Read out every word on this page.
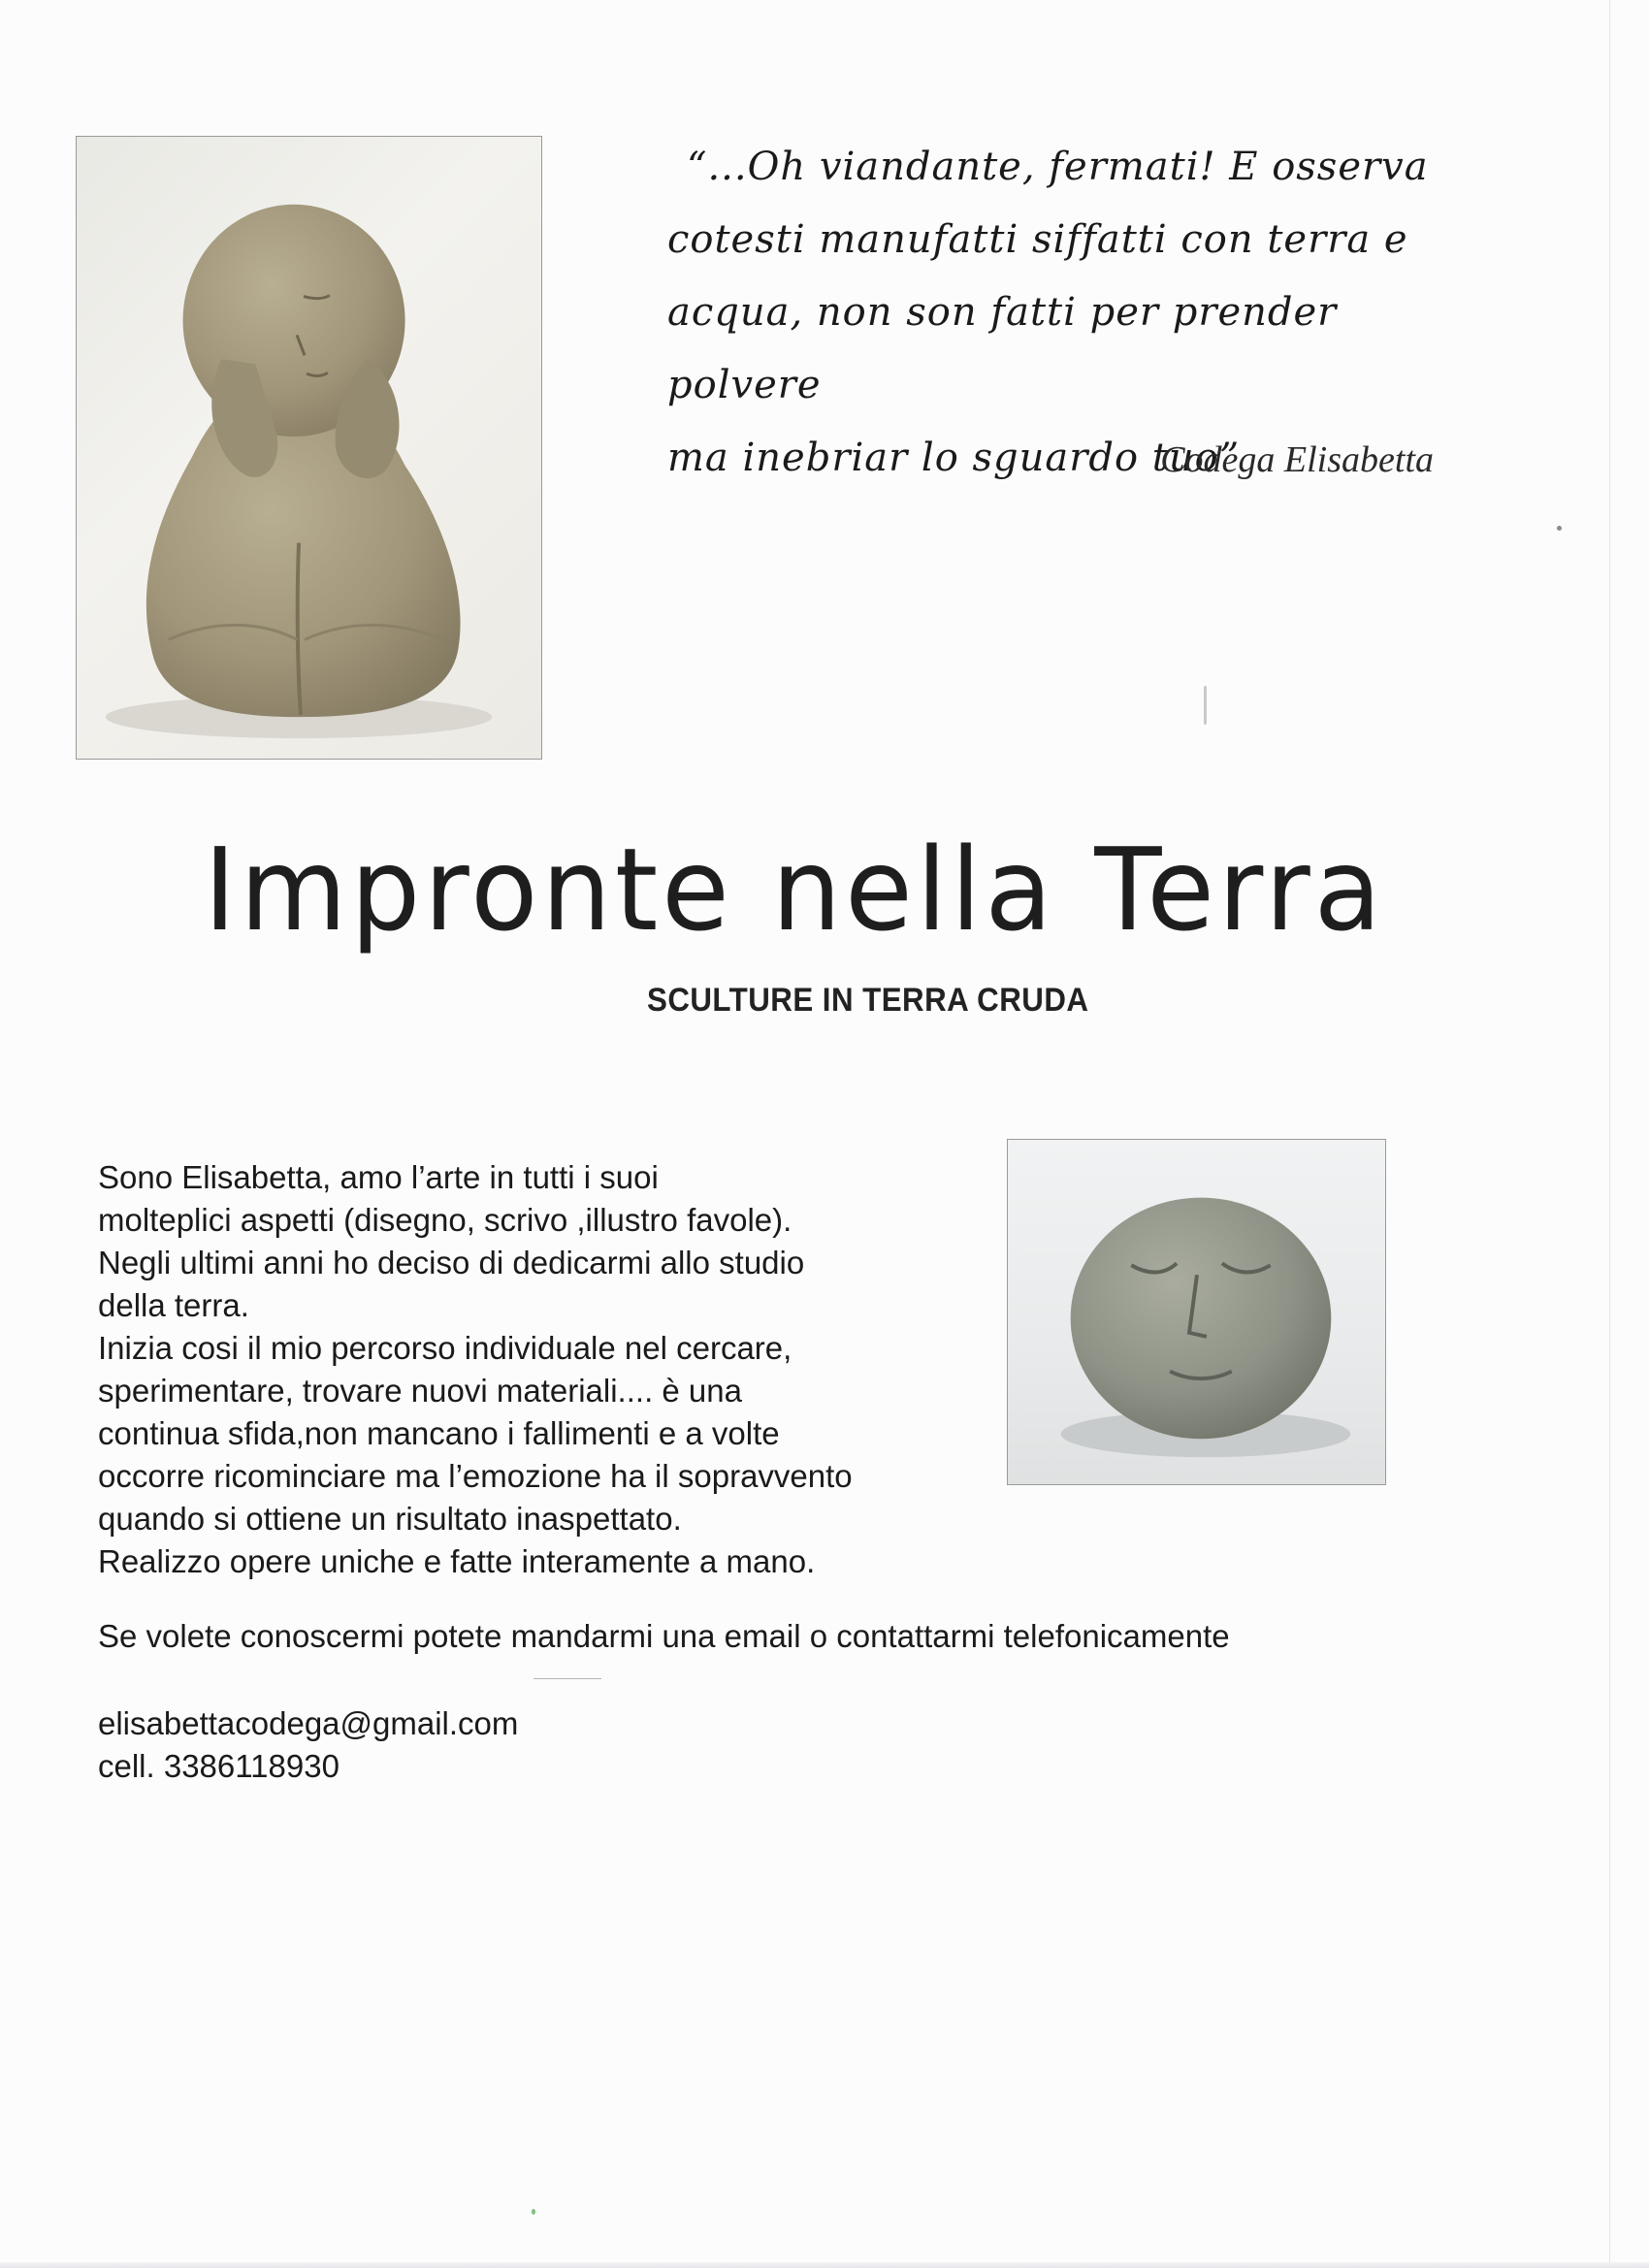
“...Oh viandante, fermati! E osserva
cotesti manufatti siffatti con terra e
acqua, non son fatti per prender polvere
ma inebriar lo sguardo tuo”

Codega Elisabetta

Impronte nella Terra
SCULTURE IN TERRA CRUDA

Sono Elisabetta, amo l’arte in tutti i suoi
molteplici aspetti (disegno, scrivo ,illustro favole).
Negli ultimi anni ho deciso di dedicarmi allo studio
della terra.
Inizia cosi il mio percorso individuale nel cercare,
sperimentare, trovare nuovi materiali.... è una
continua sfida,non mancano i fallimenti e a volte
occorre ricominciare ma l’emozione ha il sopravvento
quando si ottiene un risultato inaspettato.
Realizzo opere uniche e fatte interamente a mano.

Se volete conoscermi potete mandarmi una email o contattarmi telefonicamente

elisabettacodega@gmail.com
cell. 3386118930
